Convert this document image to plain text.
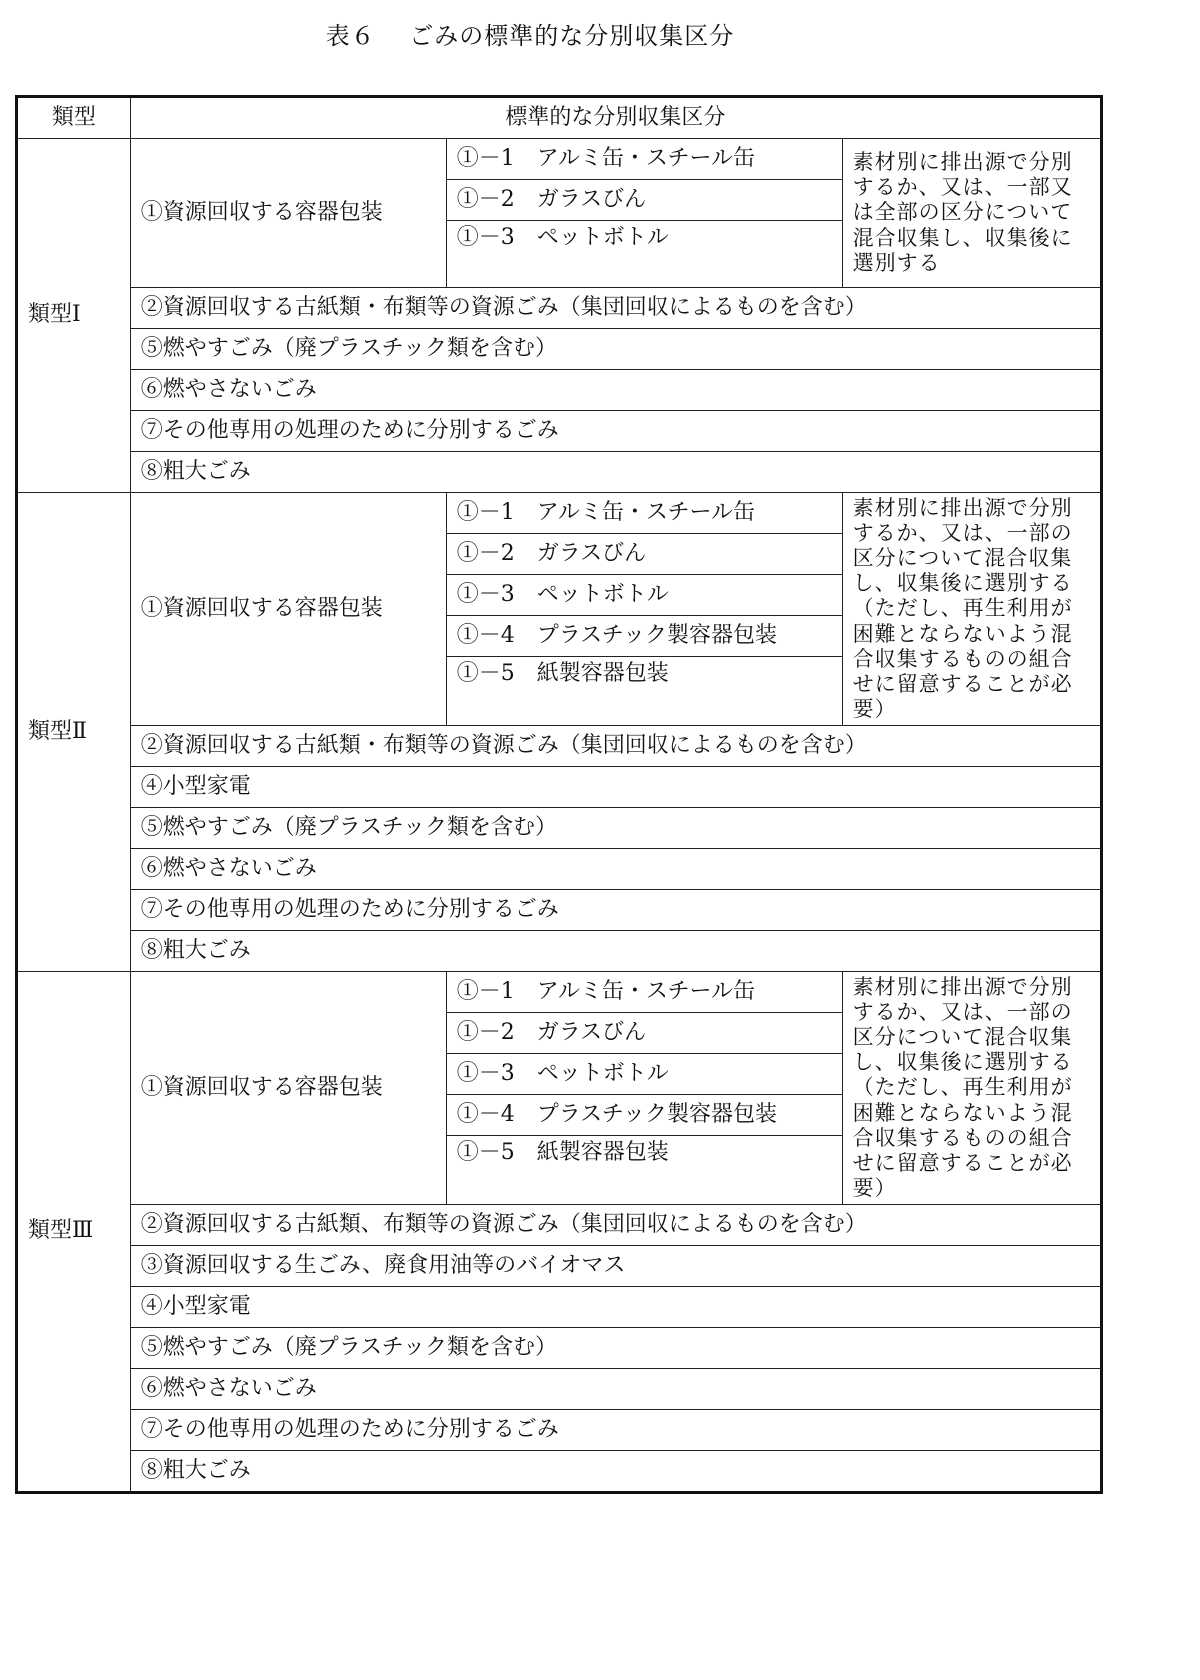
表６　 ごみの標準的な分別収集区分
類型	標準的な分別収集区分		
類型Ⅰ	①資源回収する容器包装	①－1　アルミ缶・スチール缶	素材別に排出源で分別するか、又は、一部又は全部の区分について混合収集し、収集後に選別する
		①－2　ガラスびん	
		①－3　ペットボトル	

	②資源回収する古紙類・布類等の資源ごみ（集団回収によるものを含む）		
	⑤燃やすごみ（廃プラスチック類を含む）		
	⑥燃やさないごみ		
	⑦その他専用の処理のために分別するごみ		
	⑧粗大ごみ		
類型Ⅱ	①資源回収する容器包装	①－1　アルミ缶・スチール缶	素材別に排出源で分別するか、又は、一部の区分について混合収集し、収集後に選別する（ただし、再生利用が困難とならないよう混合収集するものの組合せに留意することが必要）
		①－2　ガラスびん	
		①－3　ペットボトル	
		①－4　プラスチック製容器包装	
		①－5　紙製容器包装	

	②資源回収する古紙類・布類等の資源ごみ（集団回収によるものを含む）		
	④小型家電		
	⑤燃やすごみ（廃プラスチック類を含む）		
	⑥燃やさないごみ		
	⑦その他専用の処理のために分別するごみ		
	⑧粗大ごみ		
類型Ⅲ	①資源回収する容器包装	①－1　アルミ缶・スチール缶	素材別に排出源で分別するか、又は、一部の区分について混合収集し、収集後に選別する（ただし、再生利用が困難とならないよう混合収集するものの組合せに留意することが必要）
		①－2　ガラスびん	
		①－3　ペットボトル	
		①－4　プラスチック製容器包装	
		①－5　紙製容器包装	

	②資源回収する古紙類、布類等の資源ごみ（集団回収によるものを含む）		
	③資源回収する生ごみ、廃食用油等のバイオマス		
	④小型家電		
	⑤燃やすごみ（廃プラスチック類を含む）		
	⑥燃やさないごみ		
	⑦その他専用の処理のために分別するごみ		
	⑧粗大ごみ		
